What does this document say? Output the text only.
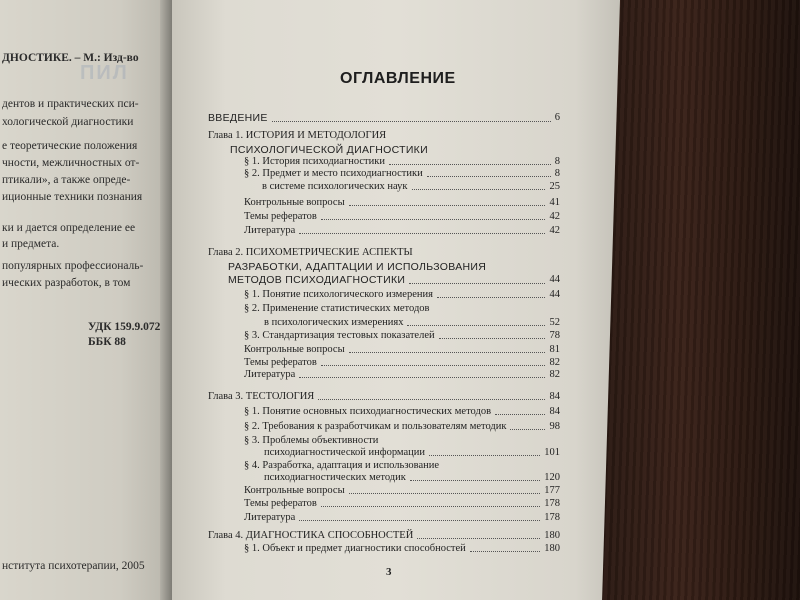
ПИЛ
ДНОСТИКЕ. – М.: Изд-во
дентов и практических пси-
хологической диагностики
е теоретические положения
чности, межличностных от-
птикали», а также опреде-
иционные техники познания
ки и дается определение ее
и предмета.
популярных профессиональ-
ических разработок, в том
УДК 159.9.072
ББК 88
нститута психотерапии, 2005
ОГЛАВЛЕНИЕ
ВВЕДЕНИЕ	6
Глава 1. ИСТОРИЯ И МЕТОДОЛОГИЯ
ПСИХОЛОГИЧЕСКОЙ ДИАГНОСТИКИ
§ 1. История психодиагностики	8
§ 2. Предмет и место психодиагностики	8
в системе психологических наук	25
Контрольные вопросы	41
Темы рефератов	42
Литература	42
Глава 2. ПСИХОМЕТРИЧЕСКИЕ АСПЕКТЫ
РАЗРАБОТКИ, АДАПТАЦИИ И ИСПОЛЬЗОВАНИЯ
МЕТОДОВ ПСИХОДИАГНОСТИКИ	44
§ 1. Понятие психологического измерения	44
§ 2. Применение статистических методов
в психологических измерениях	52
§ 3. Стандартизация тестовых показателей	78
Контрольные вопросы	81
Темы рефератов	82
Литература	82
Глава 3. ТЕСТОЛОГИЯ	84
§ 1. Понятие основных психодиагностических методов	84
§ 2. Требования к разработчикам и пользователям методик	98
§ 3. Проблемы объективности
психодиагностической информации	101
§ 4. Разработка, адаптация и использование
психодиагностических методик	120
Контрольные вопросы	177
Темы рефератов	178
Литература	178
Глава 4. ДИАГНОСТИКА СПОСОБНОСТЕЙ	180
§ 1. Объект и предмет диагностики способностей	180
3
